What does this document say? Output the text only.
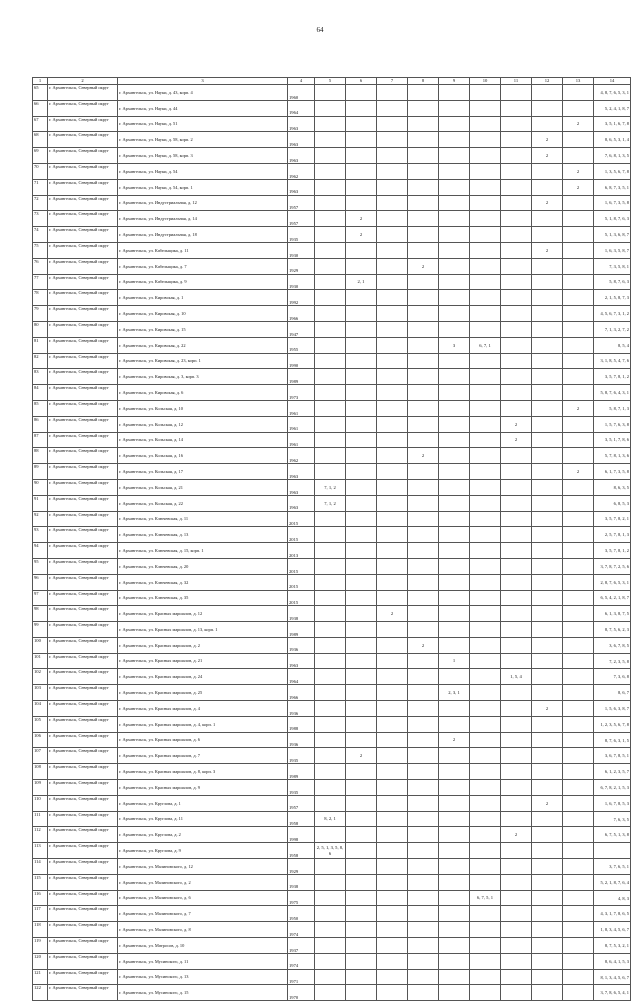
64
1	2	3	4	5	6	7	8	9	10	11	12	13	14
65	г. Архангельск, Северный округ	г. Архангельск, ул. Науки, д. 43, корп. 4	1960										4, 8, 7, 6, 5, 3, 1
66	г. Архангельск, Северный округ	г. Архангельск, ул. Науки, д. 44	1964										5, 2, 4, 1, 8, 7
67	г. Архангельск, Северный округ	г. Архангельск, ул. Науки, д. 51	1963									2	3, 5, 1, 6, 7, 8
68	г. Архангельск, Северный округ	г. Архангельск, ул. Науки, д. 58, корп. 2	1963								2		8, 6, 5, 3, 1, 4
69	г. Архангельск, Северный округ	г. Архангельск, ул. Науки, д. 58, корп. 3	1963								2		7, 6, 8, 1, 3, 5
70	г. Архангельск, Северный округ	г. Архангельск, ул. Науки, д. 54	1962									2	1, 3, 5, 6, 7, 8
71	г. Архангельск, Северный округ	г. Архангельск, ул. Науки, д. 54, корп. 1	1963									2	6, 8, 7, 3, 5, 1
72	г. Архангельск, Северный округ	г. Архангельск, ул. Индустриальная, д. 12	1957								2		1, 6, 7, 3, 5, 8
73	г. Архангельск, Северный округ	г. Архангельск, ул. Индустриальная, д. 14	1957		2								5, 1, 8, 7, 6, 3
74	г. Архангельск, Северный округ	г. Архангельск, ул. Индустриальная, д. 18	1935		2								5, 1, 3, 6, 8, 7
75	г. Архангельск, Северный округ	г. Архангельск, ул. Кабельщика, д. 11	1930								2		1, 6, 3, 5, 8, 7
76	г. Архангельск, Северный округ	г. Архангельск, ул. Кабельщика, д. 7	1929				2						7, 3, 5, 8, 1
77	г. Архангельск, Северный округ	г. Архангельск, ул. Кабельщика, д. 9	1930		2, 1								5, 8, 7, 6, 3
78	г. Архангельск, Северный округ	г. Архангельск, ул. Кировская, д. 1	1992										2, 1, 5, 8, 7, 3
79	г. Архангельск, Северный округ	г. Архангельск, ул. Кировская, д. 10	1966										4, 5, 6, 7, 3, 1, 2
80	г. Архангельск, Северный округ	г. Архангельск, ул. Кировская, д. 15	1947										7, 1, 3, 2, 7, 2
81	г. Архангельск, Северный округ	г. Архангельск, ул. Кировская, д. 22	1955					3	6, 7, 1				8, 5, 4
82	г. Архангельск, Северный округ	г. Архангельск, ул. Кировская, д. 23, корп. 1	1990										3, 1, 8, 5, 4, 7, 6
83	г. Архангельск, Северный округ	г. Архангельск, ул. Кировская, д. 3, корп. 3	1989										3, 5, 7, 8, 1, 2
84	г. Архангельск, Северный округ	г. Архангельск, ул. Кировская, д. 6	1973										5, 8, 7, 6, 4, 3, 1
85	г. Архангельск, Северный округ	г. Архангельск, ул. Кольская, д. 10	1961									2	5, 8, 7, 1, 3
86	г. Архангельск, Северный округ	г. Архангельск, ул. Кольская, д. 12	1961							2			1, 5, 7, 6, 3, 8
87	г. Архангельск, Северный округ	г. Архангельск, ул. Кольская, д. 14	1961							2			3, 5, 1, 7, 8, 6
88	г. Архангельск, Северный округ	г. Архангельск, ул. Кольская, д. 16	1962				2						5, 7, 8, 1, 3, 6
89	г. Архангельск, Северный округ	г. Архангельск, ул. Кольская, д. 17	1963									2	6, 1, 7, 3, 5, 8
90	г. Архангельск, Северный округ	г. Архангельск, ул. Кольская, д. 21	1963	7, 1, 2									8, 6, 3, 5
91	г. Архангельск, Северный округ	г. Архангельск, ул. Кольская, д. 22	1963	7, 1, 2									6, 8, 5, 3
92	г. Архангельск, Северный округ	г. Архангельск, ул. Ключевская, д. 11	2015										3, 5, 7, 8, 2, 1
93	г. Архангельск, Северный округ	г. Архангельск, ул. Ключевская, д. 13	2015										2, 5, 7, 8, 1, 3
94	г. Архангельск, Северный округ	г. Архангельск, ул. Ключевская, д. 15, корп. 1	2013										3, 5, 7, 8, 1, 2
95	г. Архангельск, Северный округ	г. Архангельск, ул. Ключевская, д. 20	2015										3, 7, 8, 7, 2, 5, 6
96	г. Архангельск, Северный округ	г. Архангельск, ул. Ключевская, д. 32	2015										2, 8, 7, 6, 5, 3, 1
97	г. Архангельск, Северный округ	г. Архангельск, ул. Ключевская, д. 35	2015										6, 5, 4, 2, 1, 8, 7
98	г. Архангельск, Северный округ	г. Архангельск, ул. Красных маршалов, д. 12	1938			2							6, 1, 3, 8, 7, 5
99	г. Архангельск, Северный округ	г. Архангельск, ул. Красных маршалов, д. 13, корп. 1	1989										8, 7, 5, 6, 2, 3
100	г. Архангельск, Северный округ	г. Архангельск, ул. Красных маршалов, д. 2	1936				2						3, 6, 7, 8, 5
101	г. Архангельск, Северный округ	г. Архангельск, ул. Красных маршалов, д. 21	1963					1					7, 2, 3, 5, 8
102	г. Архангельск, Северный округ	г. Архангельск, ул. Красных маршалов, д. 24	1964							1, 5, 4			7, 3, 6, 8
103	г. Архангельск, Северный округ	г. Архангельск, ул. Красных маршалов, д. 25	1966					2, 3, 1					8, 6, 7
104	г. Архангельск, Северный округ	г. Архангельск, ул. Красных маршалов, д. 4	1936								2		1, 5, 6, 3, 8, 7
105	г. Архангельск, Северный округ	г. Архангельск, ул. Красных маршалов, д. 4, корп. 1	1988										1, 2, 3, 5, 6, 7, 8
106	г. Архангельск, Северный округ	г. Архангельск, ул. Красных маршалов, д. 6	1936					2					8, 7, 6, 3, 1, 5
107	г. Архангельск, Северный округ	г. Архангельск, ул. Красных маршалов, д. 7	1935		2								3, 6, 7, 8, 5, 1
108	г. Архангельск, Северный округ	г. Архангельск, ул. Красных маршалов, д. 8, корп. 3	1989										6, 1, 2, 3, 5, 7
109	г. Архангельск, Северный округ	г. Архангельск, ул. Красных маршалов, д. 9	1935										6, 7, 8, 2, 1, 5, 3
110	г. Архангельск, Северный округ	г. Архангельск, ул. Круглова, д. 1	1957								2		1, 6, 7, 8, 5, 3
111	г. Архангельск, Северный округ	г. Архангельск, ул. Круглова, д. 11	1958	8, 2, 1									7, 6, 3, 5
112	г. Архангельск, Северный округ	г. Архангельск, ул. Круглова, д. 2	1998							2			6, 7, 5, 1, 3, 8
113	г. Архангельск, Северный округ	г. Архангельск, ул. Круглова, д. 9	1958	2, 5, 1, 3, 5, 8, 6									
114	г. Архангельск, Северный округ	г. Архангельск, ул. Малиновского, д. 12	1929										3, 7, 6, 5, 1
115	г. Архангельск, Северный округ	г. Архангельск, ул. Малиновского, д. 2	1938										5, 2, 1, 8, 7, 6, 4
116	г. Архангельск, Северный округ	г. Архангельск, ул. Малиновского, д. 6	1975						6, 7, 5, 1				4, 8, 3
117	г. Архангельск, Северный округ	г. Архангельск, ул. Малиновского, д. 7	1950										4, 3, 1, 7, 8, 6, 5
118	г. Архангельск, Северный округ	г. Архангельск, ул. Малиновского, д. 8	1974										1, 8, 3, 4, 5, 6, 7
119	г. Архангельск, Северный округ	г. Архангельск, ул. Матросов, д. 10	1937										8, 7, 5, 3, 2, 1
120	г. Архангельск, Северный округ	г. Архангельск, ул. Мусинского, д. 11	1974										8, 6, 4, 1, 5, 3
121	г. Архангельск, Северный округ	г. Архангельск, ул. Мусинского, д. 13	1971										8, 1, 3, 4, 5, 6, 7
122	г. Архангельск, Северный округ	г. Архангельск, ул. Мусинского, д. 15	1970										3, 7, 8, 6, 5, 4, 1
